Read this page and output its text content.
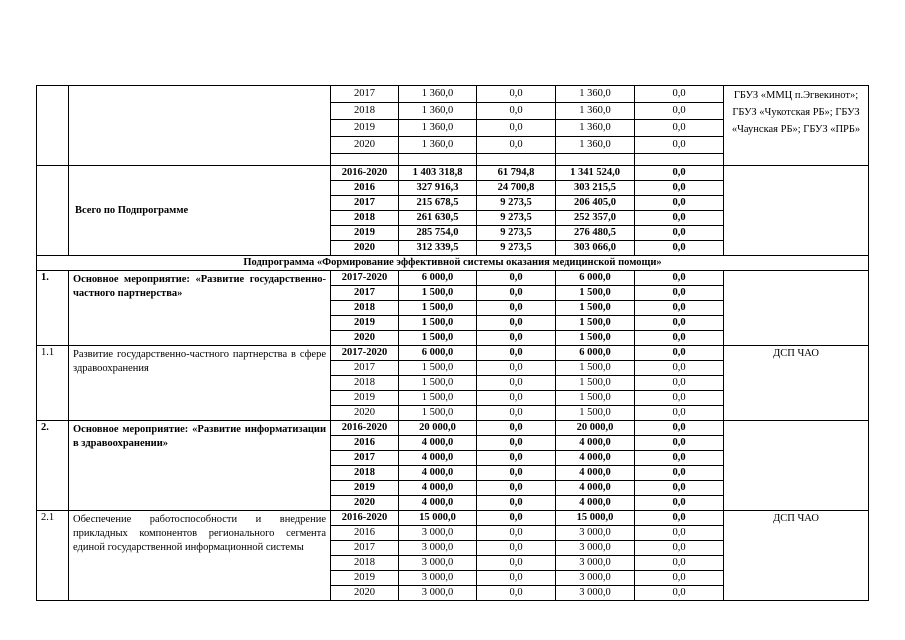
		2017	1 360,0	0,0	1 360,0	0,0	ГБУЗ «ММЦ п.Эгвекинот»; ГБУЗ «Чукотская РБ»; ГБУЗ «Чаунская РБ»; ГБУЗ «ПРБ»
		2018	1 360,0	0,0	1 360,0	0,0	
		2019	1 360,0	0,0	1 360,0	0,0	
		2020	1 360,0	0,0	1 360,0	0,0	

	Всего по Подпрограмме	2016-2020	1 403 318,8	61 794,8	1 341 524,0	0,0	
		2016	327 916,3	24 700,8	303 215,5	0,0	
		2017	215 678,5	9 273,5	206 405,0	0,0	
		2018	261 630,5	9 273,5	252 357,0	0,0	
		2019	285 754,0	9 273,5	276 480,5	0,0	
		2020	312 339,5	9 273,5	303 066,0	0,0	
Подпрограмма «Формирование эффективной системы оказания медицинской помощи»							
1.	Основное мероприятие: «Развитие государственно-частного партнерства»	2017-2020	6 000,0	0,0	6 000,0	0,0	
		2017	1 500,0	0,0	1 500,0	0,0	
		2018	1 500,0	0,0	1 500,0	0,0	
		2019	1 500,0	0,0	1 500,0	0,0	
		2020	1 500,0	0,0	1 500,0	0,0	
1.1	Развитие государственно-частного партнерства в сфере здравоохранения	2017-2020	6 000,0	0,0	6 000,0	0,0	ДСП ЧАО
		2017	1 500,0	0,0	1 500,0	0,0	
		2018	1 500,0	0,0	1 500,0	0,0	
		2019	1 500,0	0,0	1 500,0	0,0	
		2020	1 500,0	0,0	1 500,0	0,0	
2.	Основное мероприятие: «Развитие информатизации в здравоохранении»	2016-2020	20 000,0	0,0	20 000,0	0,0	
		2016	4 000,0	0,0	4 000,0	0,0	
		2017	4 000,0	0,0	4 000,0	0,0	
		2018	4 000,0	0,0	4 000,0	0,0	
		2019	4 000,0	0,0	4 000,0	0,0	
		2020	4 000,0	0,0	4 000,0	0,0	
2.1	Обеспечение работоспособности и внедрение прикладных компонентов регионального сегмента единой государственной информационной системы	2016-2020	15 000,0	0,0	15 000,0	0,0	ДСП ЧАО
		2016	3 000,0	0,0	3 000,0	0,0	
		2017	3 000,0	0,0	3 000,0	0,0	
		2018	3 000,0	0,0	3 000,0	0,0	
		2019	3 000,0	0,0	3 000,0	0,0	
		2020	3 000,0	0,0	3 000,0	0,0	
